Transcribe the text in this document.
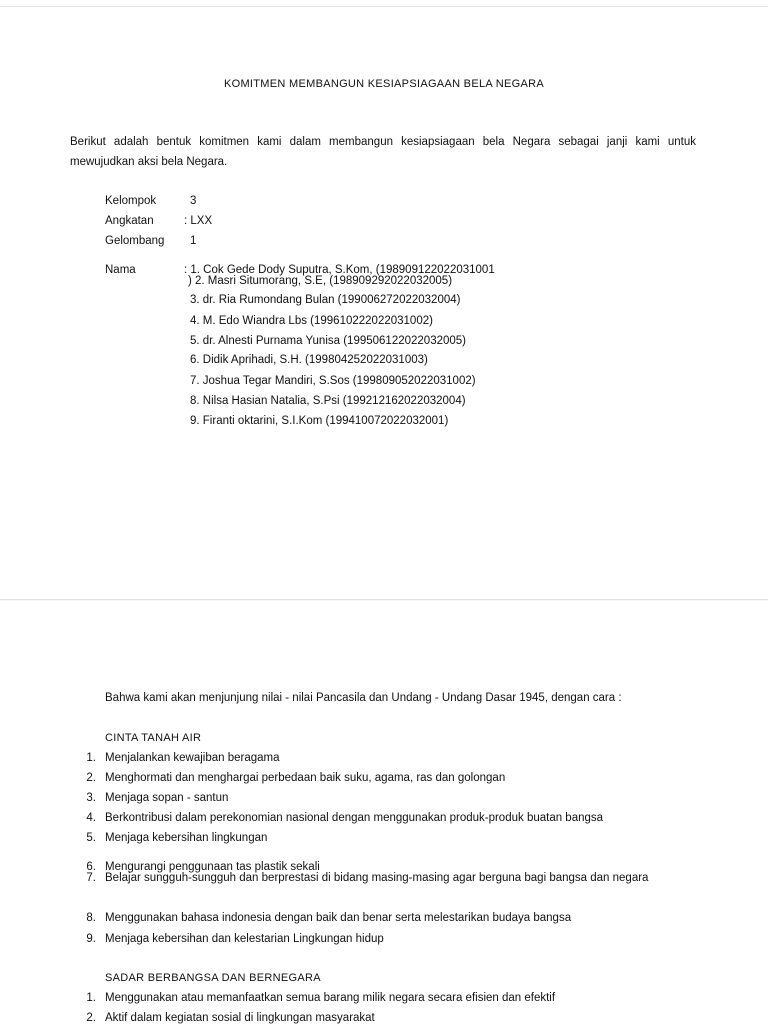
KOMITMEN MEMBANGUN KESIAPSIAGAAN BELA NEGARA

Berikut adalah bentuk komitmen kami dalam membangun kesiapsiagaan bela Negara sebagai janji kami untuk mewujudkan aksi bela Negara.

Kelompok	3
Angkatan	: LXX
Gelombang 1
Nama	: 1. Cok Gede Dody Suputra, S.Kom, (198909122022031001
) 2. Masri Situmorang, S.E, (198909292022032005)
3. dr. Ria Rumondang Bulan (199006272022032004)
4. M. Edo Wiandra Lbs (199610222022031002)
5. dr. Alnesti Purnama Yunisa (199506122022032005)
6. Didik Aprihadi, S.H. (199804252022031003)
7. Joshua Tegar Mandiri, S.Sos (199809052022031002)
8. Nilsa Hasian Natalia, S.Psi (199212162022032004)
9. Firanti oktarini, S.I.Kom (199410072022032001)
Bahwa kami akan menjunjung nilai - nilai Pancasila dan Undang - Undang Dasar 1945, dengan cara :
CINTA TANAH AIR
1. Menjalankan kewajiban beragama
2. Menghormati dan menghargai perbedaan baik suku, agama, ras dan golongan
3. Menjaga sopan - santun
4. Berkontribusi dalam perekonomian nasional dengan menggunakan produk-produk buatan bangsa
5. Menjaga kebersihan lingkungan
6. Mengurangi penggunaan tas plastik sekali
7. Belajar sungguh-sungguh dan berprestasi di bidang masing-masing agar berguna bagi bangsa dan negara
8. Menggunakan bahasa indonesia dengan baik dan benar serta melestarikan budaya bangsa
9. Menjaga kebersihan dan kelestarian Lingkungan hidup
SADAR BERBANGSA DAN BERNEGARA
1. Menggunakan atau memanfaatkan semua barang milik negara secara efisien dan efektif
2. Aktif dalam kegiatan sosial di lingkungan masyarakat
